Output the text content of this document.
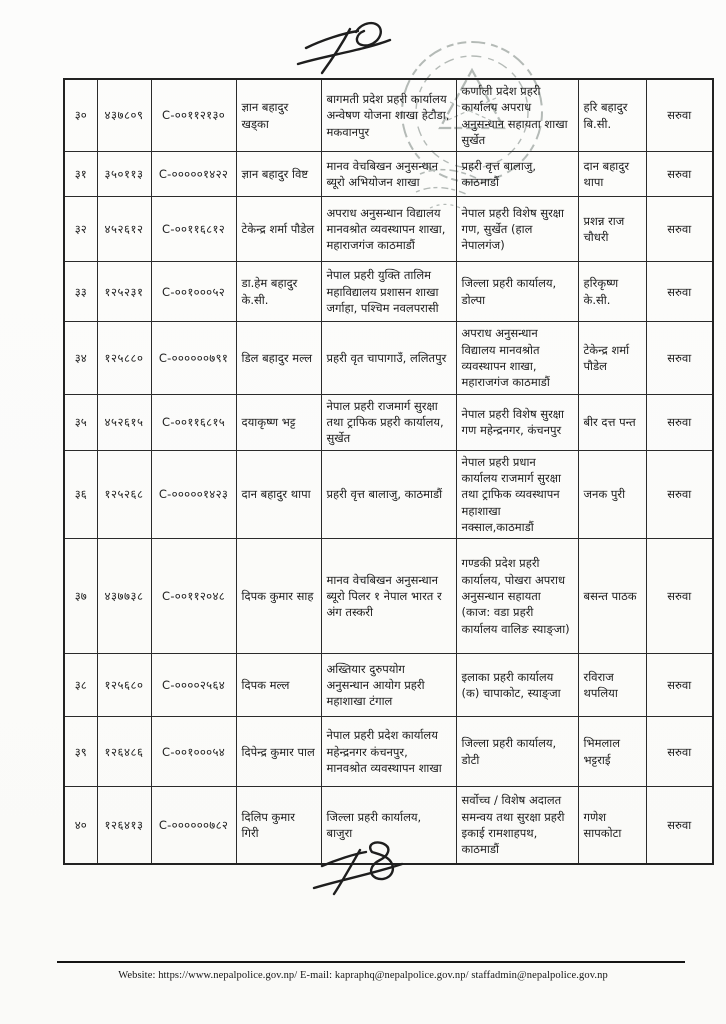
३०	४३७८०९	C-००११२१३०	ज्ञान बहादुर खड्का	बागमती प्रदेश प्रहरी कार्यालय अन्वेषण योजना शाखा हेटौडा, मकवानपुर	कर्णाली प्रदेश प्रहरी कार्यालय अपराध अनुसन्धान सहायता शाखा सुर्खेत	हरि बहादुर बि.सी.	सरुवा
३१	३५०११३	C-०००००१४२२	ज्ञान बहादुर विष्ट	मानव वेचबिखन अनुसन्धान ब्यूरो अभियोजन शाखा	प्रहरी वृत्त बालाजु, काठमाडौं	दान बहादुर थापा	सरुवा
३२	४५२६१२	C-००११६८१२	टेकेन्द्र शर्मा पौडेल	अपराध अनुसन्धान विद्यालय मानवश्रोत व्यवस्थापन शाखा, महाराजगंज काठमाडौं	नेपाल प्रहरी विशेष सुरक्षा गण, सुर्खेत (हाल नेपालगंज)	प्रशन्न राज चौधरी	सरुवा
३३	१२५२३१	C-००१०००५२	डा.हेम बहादुर के.सी.	नेपाल प्रहरी युक्ति तालिम महाविद्यालय प्रशासन शाखा जर्गाहा, पश्चिम नवलपरासी	जिल्ला प्रहरी कार्यालय, डोल्पा	हरिकृष्ण के.सी.	सरुवा
३४	१२५८८०	C-००००००७९१	डिल बहादुर मल्ल	प्रहरी वृत चापागाउँ, ललितपुर	अपराध अनुसन्धान विद्यालय मानवश्रोत व्यवस्थापन शाखा, महाराजगंज काठमाडौं	टेकेन्द्र शर्मा पौडेल	सरुवा
३५	४५२६१५	C-००११६८१५	दयाकृष्ण भट्ट	नेपाल प्रहरी राजमार्ग सुरक्षा तथा ट्राफिक प्रहरी कार्यालय, सुर्खेत	नेपाल प्रहरी विशेष सुरक्षा गण महेन्द्रनगर, कंचनपुर	बीर दत्त पन्त	सरुवा
३६	१२५२६८	C-०००००१४२३	दान बहादुर थापा	प्रहरी वृत्त बालाजु, काठमाडौं	नेपाल प्रहरी प्रधान कार्यालय राजमार्ग सुरक्षा तथा ट्राफिक व्यवस्थापन महाशाखा नक्साल,काठमाडौं	जनक पुरी	सरुवा
३७	४३७७३८	C-००११२०४८	दिपक कुमार साह	मानव वेचबिखन अनुसन्धान ब्यूरो पिलर १ नेपाल भारत र अंग तस्करी	गण्डकी प्रदेश प्रहरी कार्यालय, पोखरा अपराध अनुसन्धान सहायता (काज: वडा प्रहरी कार्यालय वालिङ स्याङ्जा)	बसन्त पाठक	सरुवा
३८	१२५६८०	C-००००२५६४	दिपक मल्ल	अख्तियार दुरुपयोग अनुसन्धान आयोग प्रहरी महाशाखा टंगाल	इलाका प्रहरी कार्यालय (क) चापाकोट, स्याङ्जा	रविराज थपलिया	सरुवा
३९	१२६४८६	C-००१०००५४	दिपेन्द्र कुमार पाल	नेपाल प्रहरी प्रदेश कार्यालय महेन्द्रनगर कंचनपुर, मानवश्रोत व्यवस्थापन शाखा	जिल्ला प्रहरी कार्यालय, डोटी	भिमलाल भट्टराई	सरुवा
४०	१२६४१३	C-००००००७८२	दिलिप कुमार गिरी	जिल्ला प्रहरी कार्यालय, बाजुरा	सर्वोच्च / विशेष अदालत समन्वय तथा सुरक्षा प्रहरी इकाई रामशाहपथ, काठमाडौं	गणेश सापकोटा	सरुवा
Website: https://www.nepalpolice.gov.np/ E-mail: kapraphq@nepalpolice.gov.np/ staffadmin@nepalpolice.gov.np
